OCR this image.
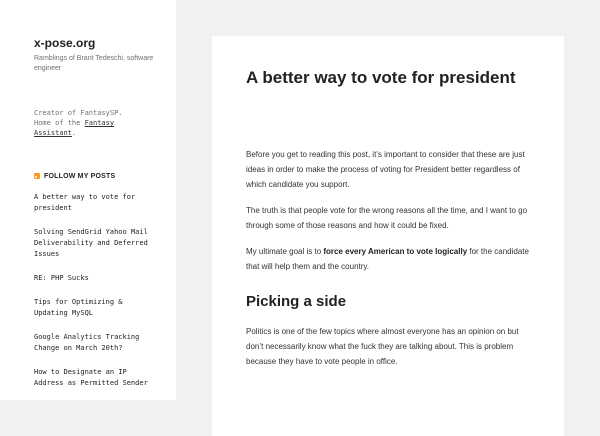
x-pose.org

Ramblings of Brant Tedeschi, software engineer

Creator of FantasySP.
Home of the Fantasy Assistant.
FOLLOW MY POSTS
A better way to vote for president
Solving SendGrid Yahoo Mail Deliverability and Deferred Issues
RE: PHP Sucks
Tips for Optimizing & Updating MySQL
Google Analytics Tracking Change on March 20th?
How to Designate an IP Address as Permitted Sender
A better way to vote for president

Before you get to reading this post, it’s important to consider that these are just ideas in order to make the process of voting for President better regardless of which candidate you support.

The truth is that people vote for the wrong reasons all the time, and I want to go through some of those reasons and how it could be fixed.

My ultimate goal is to force every American to vote logically for the candidate that will help them and the country.

Picking a side

Politics is one of the few topics where almost everyone has an opinion on but don’t necessarily know what the fuck they are talking about. This is problem because they have to vote people in office.
